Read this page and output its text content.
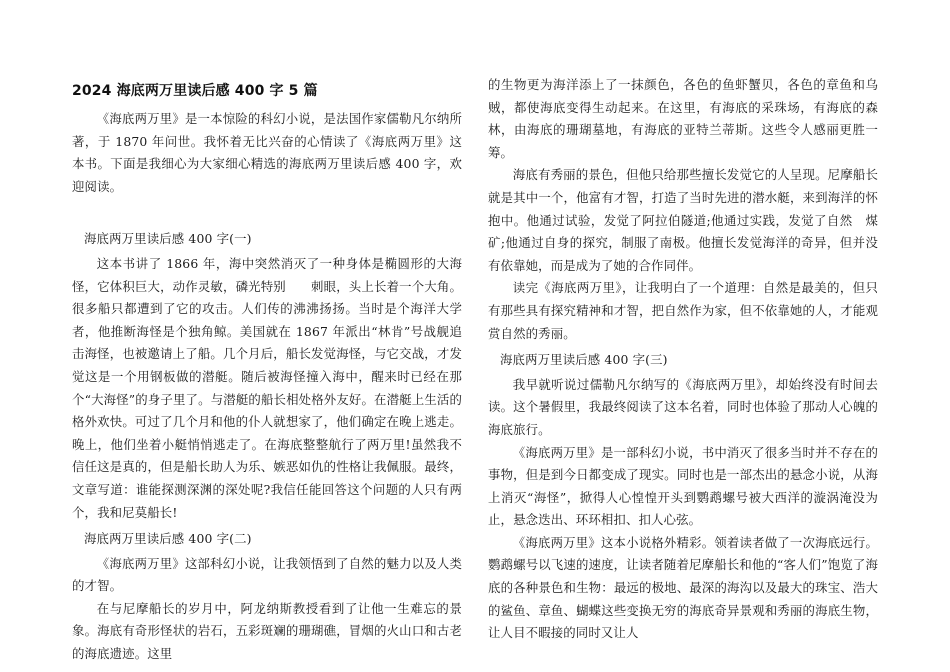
2024 海底两万里读后感 400 字 5 篇

《海底两万里》是一本惊险的科幻小说，是法国作家儒勒凡尔纳所著，于 1870 年问世。我怀着无比兴奋的心情读了《海底两万里》这本书。下面是我细心为大家细心精选的海底两万里读后感 400 字，欢迎阅读。

海底两万里读后感 400 字(一)

这本书讲了 1866 年，海中突然消灭了一种身体是椭圆形的大海怪，它体积巨大，动作灵敏，磷光特别　　刺眼，头上长着一个大角。很多船只都遭到了它的攻击。人们传的沸沸扬扬。当时是个海洋大学者，他推断海怪是个独角鲸。美国就在 1867 年派出“林肯”号战舰追击海怪，也被邀请上了船。几个月后，船长发觉海怪，与它交战，才发觉这是一个用钢板做的潜艇。随后被海怪撞入海中，醒来时已经在那个“大海怪”的身子里了。与潜艇的船长相处格外友好。在潜艇上生活的格外欢快。可过了几个月和他的仆人就想家了，他们确定在晚上逃走。晚上，他们坐着小艇悄悄逃走了。在海底整整航行了两万里!虽然我不信任这是真的，但是船长助人为乐、嫉恶如仇的性格让我佩服。最终，文章写道：谁能探测深渊的深处呢?我信任能回答这个问题的人只有两个，我和尼莫船长!

海底两万里读后感 400 字(二)

《海底两万里》这部科幻小说，让我领悟到了自然的魅力以及人类的才智。

在与尼摩船长的岁月中，阿龙纳斯教授看到了让他一生难忘的景象。海底有奇形怪状的岩石，五彩斑斓的珊瑚礁，冒烟的火山口和古老的海底遗迹。这里

的生物更为海洋添上了一抹颜色，各色的鱼虾蟹贝，各色的章鱼和乌贼，都使海底变得生动起来。在这里，有海底的采珠场，有海底的森林，由海底的珊瑚墓地，有海底的亚特兰蒂斯。这些令人感丽更胜一筹。

海底有秀丽的景色，但他只给那些擅长发觉它的人呈现。尼摩船长就是其中一个，他富有才智，打造了当时先进的潜水艇，来到海洋的怀抱中。他通过试验，发觉了阿拉伯隧道;他通过实践，发觉了自然　煤矿;他通过自身的探究，制服了南极。他擅长发觉海洋的奇异，但并没有依靠她，而是成为了她的合作同伴。

读完《海底两万里》，让我明白了一个道理：自然是最美的，但只有那些具有探究精神和才智，把自然作为家，但不依靠她的人，才能观赏自然的秀丽。

海底两万里读后感 400 字(三)

我早就听说过儒勒凡尔纳写的《海底两万里》，却始终没有时间去读。这个暑假里，我最终阅读了这本名着，同时也体验了那动人心魄的海底旅行。

《海底两万里》是一部科幻小说，书中消灭了很多当时并不存在的事物，但是到今日都变成了现实。同时也是一部杰出的悬念小说，从海上消灭“海怪”，掀得人心惶惶开头到鹦鹉螺号被大西洋的漩涡淹没为止，悬念迭出、环环相扣、扣人心弦。

《海底两万里》这本小说格外精彩。领着读者做了一次海底远行。鹦鹉螺号以飞速的速度，让读者随着尼摩船长和他的“客人们”饱览了海底的各种景色和生物：最远的极地、最深的海沟以及最大的珠宝、浩大的鲨鱼、章鱼、蝴蝶这些变换无穷的海底奇异景观和秀丽的海底生物，让人目不暇接的同时又让人
